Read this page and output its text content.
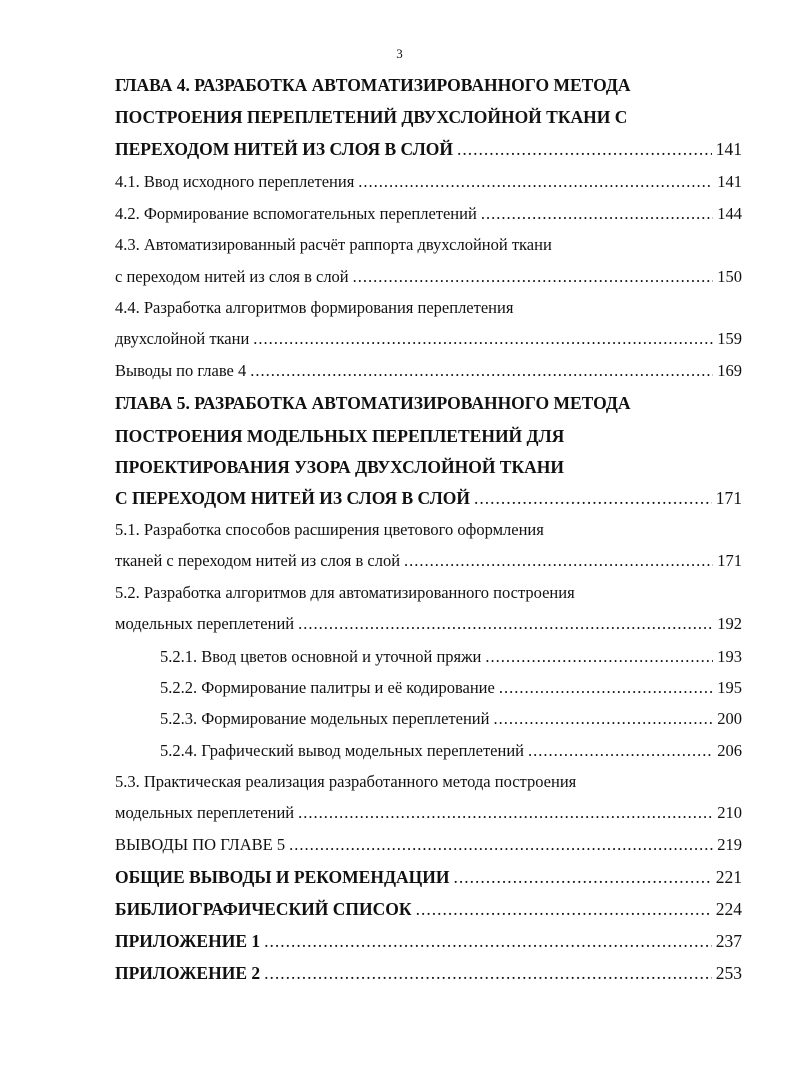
3
ГЛАВА 4. РАЗРАБОТКА АВТОМАТИЗИРОВАННОГО МЕТОДА
ПОСТРОЕНИЯ ПЕРЕПЛЕТЕНИЙ ДВУХСЛОЙНОЙ ТКАНИ С
ПЕРЕХОДОМ НИТЕЙ ИЗ СЛОЯ В СЛОЙ .....	141
4.1. Ввод исходного переплетения .....	141
4.2. Формирование вспомогательных переплетений .....	144
4.3. Автоматизированный расчёт раппорта двухслойной ткани
с переходом нитей из слоя в слой .....	150
4.4. Разработка алгоритмов формирования переплетения
двухслойной ткани .....	159
Выводы по главе 4 .....	169
ГЛАВА 5. РАЗРАБОТКА АВТОМАТИЗИРОВАННОГО МЕТОДА
ПОСТРОЕНИЯ МОДЕЛЬНЫХ ПЕРЕПЛЕТЕНИЙ ДЛЯ
ПРОЕКТИРОВАНИЯ УЗОРА ДВУХСЛОЙНОЙ ТКАНИ
С ПЕРЕХОДОМ НИТЕЙ ИЗ СЛОЯ В СЛОЙ .....	171
5.1. Разработка способов расширения цветового оформления
тканей с переходом нитей из слоя в слой .....	171
5.2. Разработка алгоритмов для автоматизированного построения
модельных переплетений .....	192
5.2.1. Ввод цветов основной и уточной пряжи .....	193
5.2.2. Формирование палитры и её кодирование .....	195
5.2.3. Формирование модельных переплетений .....	200
5.2.4. Графический вывод модельных переплетений .....	206
5.3. Практическая реализация разработанного метода построения
модельных переплетений .....	210
ВЫВОДЫ ПО ГЛАВЕ 5 .....	219
ОБЩИЕ ВЫВОДЫ И РЕКОМЕНДАЦИИ .....	221
БИБЛИОГРАФИЧЕСКИЙ СПИСОК .....	224
ПРИЛОЖЕНИЕ 1 .....	237
ПРИЛОЖЕНИЕ 2 .....	253
